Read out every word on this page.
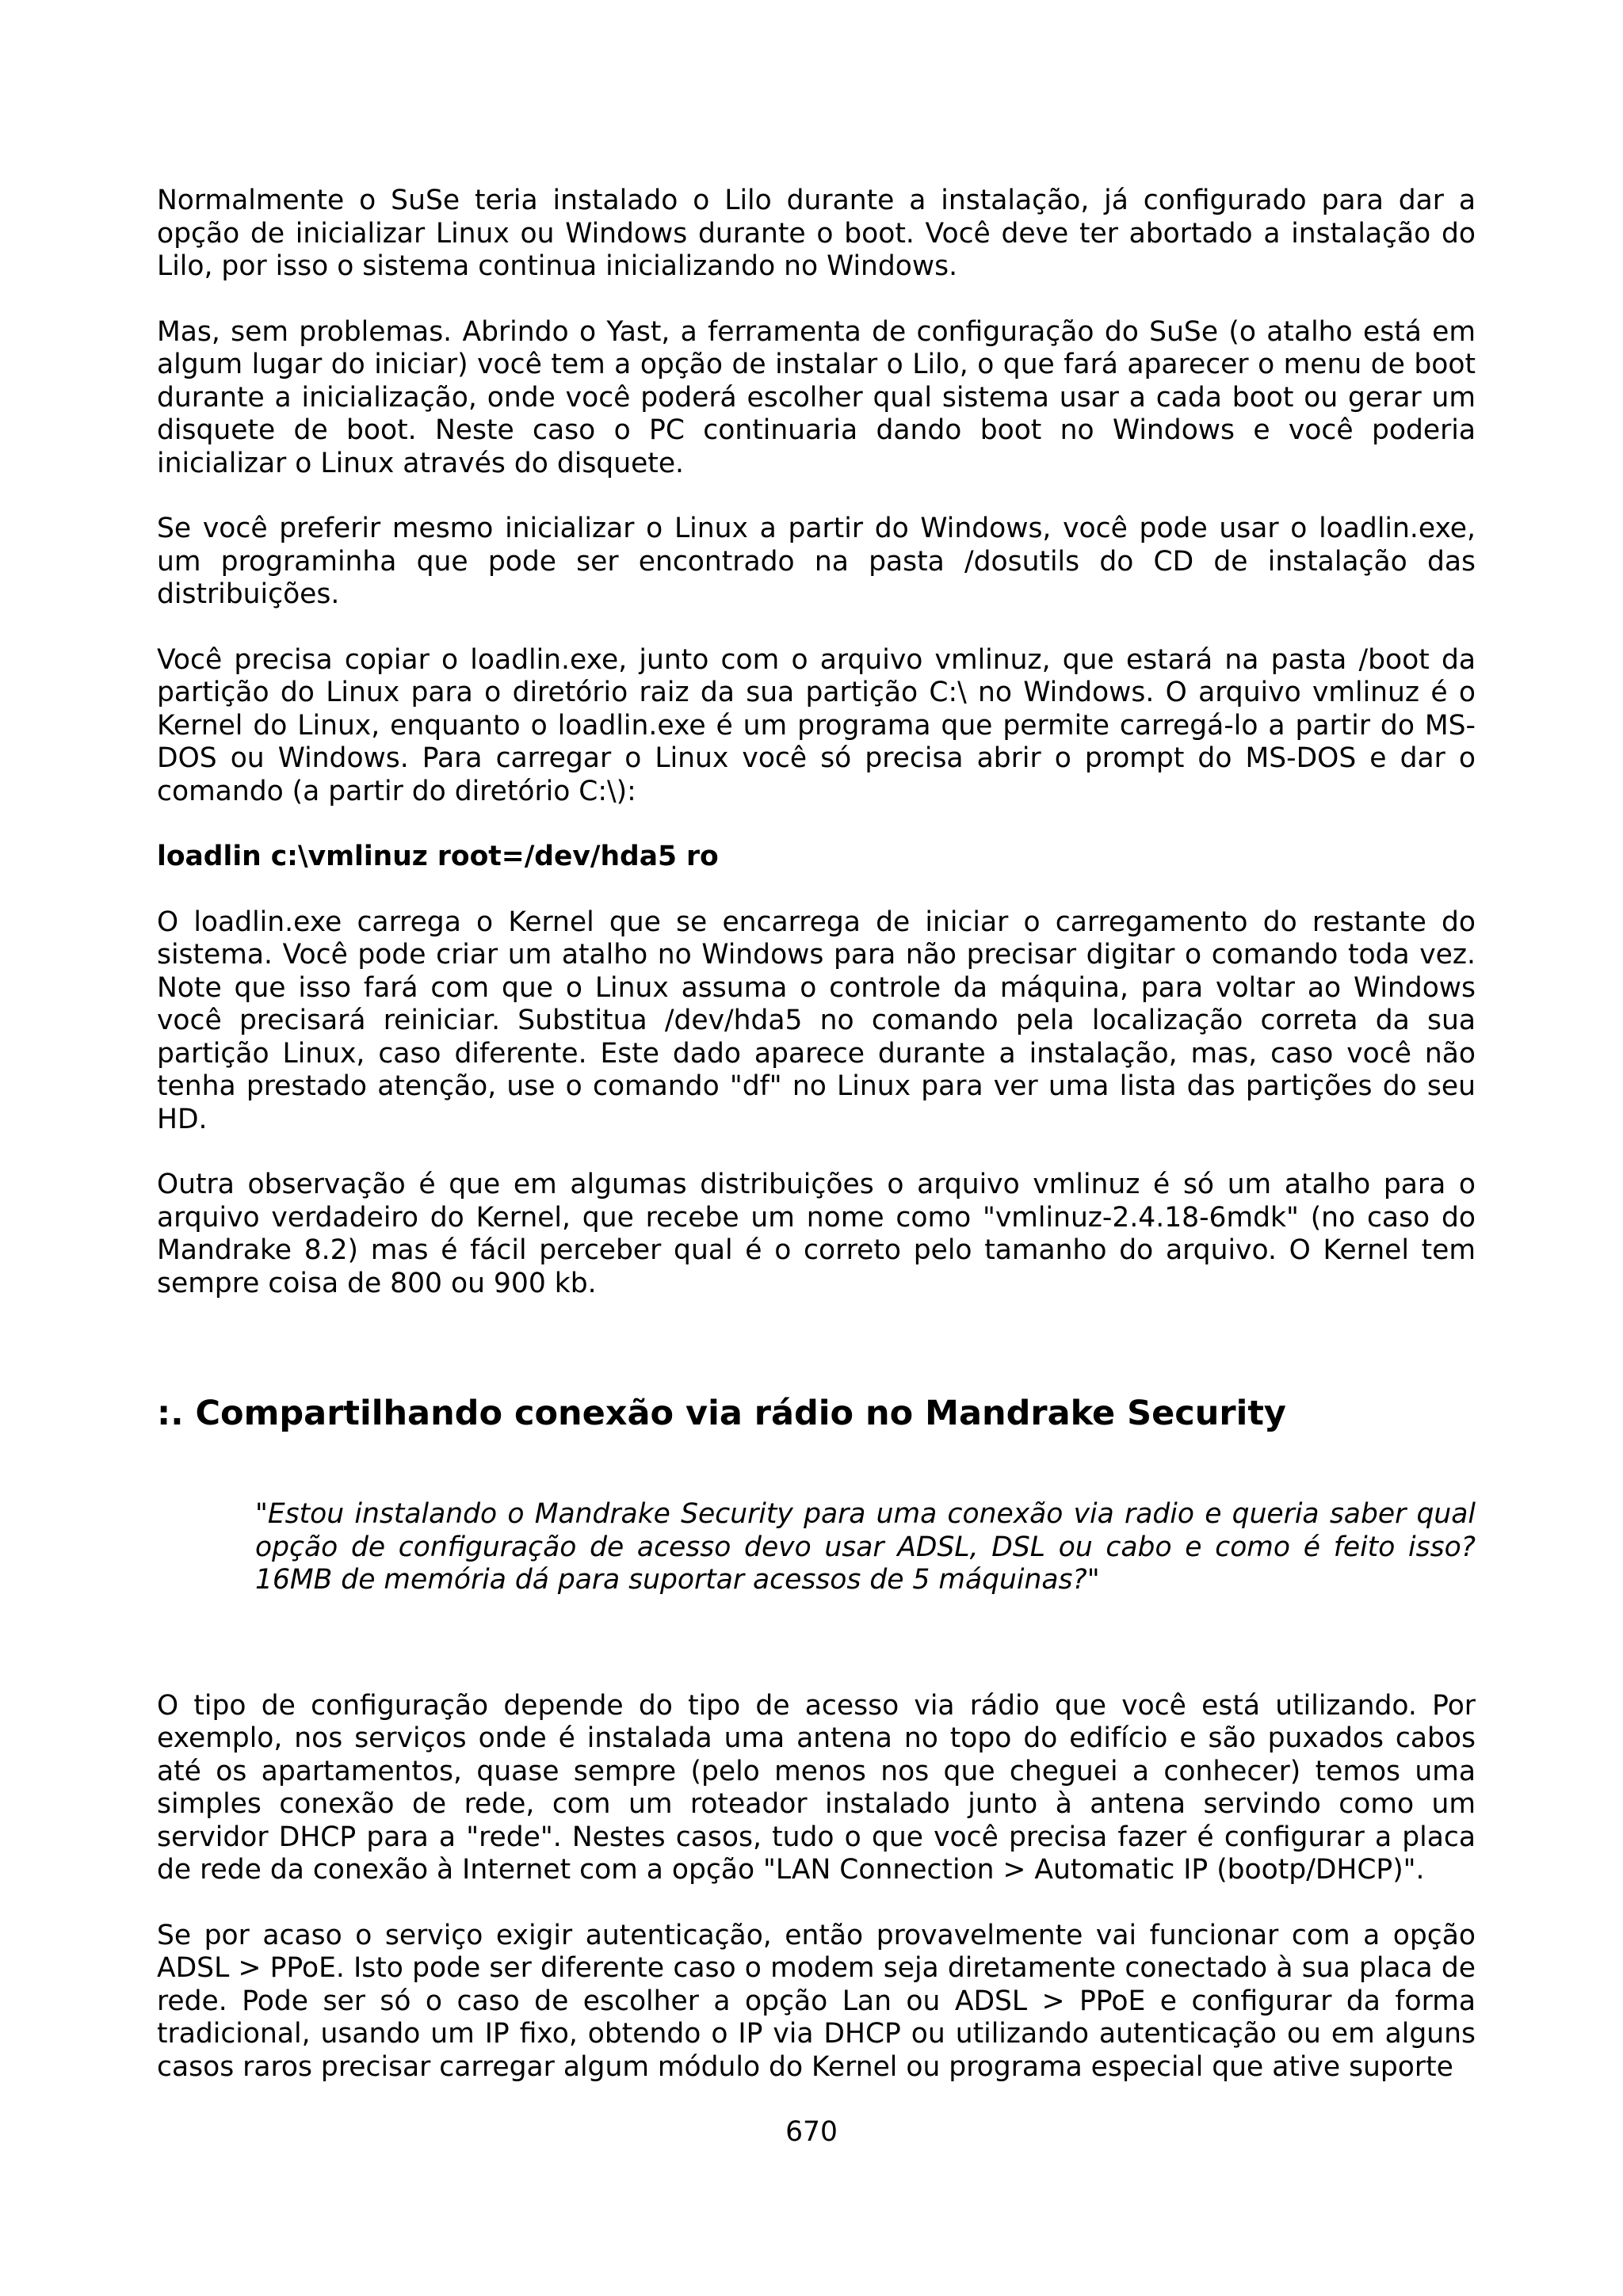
Normalmente o SuSe teria instalado o Lilo durante a instalação, já configurado para dar a opção de inicializar Linux ou Windows durante o boot. Você deve ter abortado a instalação do Lilo, por isso o sistema continua inicializando no Windows.

Mas, sem problemas. Abrindo o Yast, a ferramenta de configuração do SuSe (o atalho está em algum lugar do iniciar) você tem a opção de instalar o Lilo, o que fará aparecer o menu de boot durante a inicialização, onde você poderá escolher qual sistema usar a cada boot ou gerar um disquete de boot. Neste caso o PC continuaria dando boot no Windows e você poderia inicializar o Linux através do disquete.

Se você preferir mesmo inicializar o Linux a partir do Windows, você pode usar o loadlin.exe, um programinha que pode ser encontrado na pasta /dosutils do CD de instalação das distribuições.

Você precisa copiar o loadlin.exe, junto com o arquivo vmlinuz, que estará na pasta /boot da partição do Linux para o diretório raiz da sua partição C:\ no Windows. O arquivo vmlinuz é o Kernel do Linux, enquanto o loadlin.exe é um programa que permite carregá-lo a partir do MS-DOS ou Windows. Para carregar o Linux você só precisa abrir o prompt do MS-DOS e dar o comando (a partir do diretório C:\):

loadlin c:\vmlinuz root=/dev/hda5 ro

O loadlin.exe carrega o Kernel que se encarrega de iniciar o carregamento do restante do sistema. Você pode criar um atalho no Windows para não precisar digitar o comando toda vez. Note que isso fará com que o Linux assuma o controle da máquina, para voltar ao Windows você precisará reiniciar. Substitua /dev/hda5 no comando pela localização correta da sua partição Linux, caso diferente. Este dado aparece durante a instalação, mas, caso você não tenha prestado atenção, use o comando "df" no Linux para ver uma lista das partições do seu HD.

Outra observação é que em algumas distribuições o arquivo vmlinuz é só um atalho para o arquivo verdadeiro do Kernel, que recebe um nome como "vmlinuz-2.4.18-6mdk" (no caso do Mandrake 8.2) mas é fácil perceber qual é o correto pelo tamanho do arquivo. O Kernel tem sempre coisa de 800 ou 900 kb.

:. Compartilhando conexão via rádio no Mandrake Security

"Estou instalando o Mandrake Security para uma conexão via radio e queria saber qual opção de configuração de acesso devo usar ADSL, DSL ou cabo e como é feito isso? 16MB de memória dá para suportar acessos de 5 máquinas?"

O tipo de configuração depende do tipo de acesso via rádio que você está utilizando. Por exemplo, nos serviços onde é instalada uma antena no topo do edifício e são puxados cabos até os apartamentos, quase sempre (pelo menos nos que cheguei a conhecer) temos uma simples conexão de rede, com um roteador instalado junto à antena servindo como um servidor DHCP para a "rede". Nestes casos, tudo o que você precisa fazer é configurar a placa de rede da conexão à Internet com a opção "LAN Connection > Automatic IP (bootp/DHCP)".

Se por acaso o serviço exigir autenticação, então provavelmente vai funcionar com a opção ADSL > PPoE. Isto pode ser diferente caso o modem seja diretamente conectado à sua placa de rede. Pode ser só o caso de escolher a opção Lan ou ADSL > PPoE e configurar da forma tradicional, usando um IP fixo, obtendo o IP via DHCP ou utilizando autenticação ou em alguns casos raros precisar carregar algum módulo do Kernel ou programa especial que ative suporte

670
